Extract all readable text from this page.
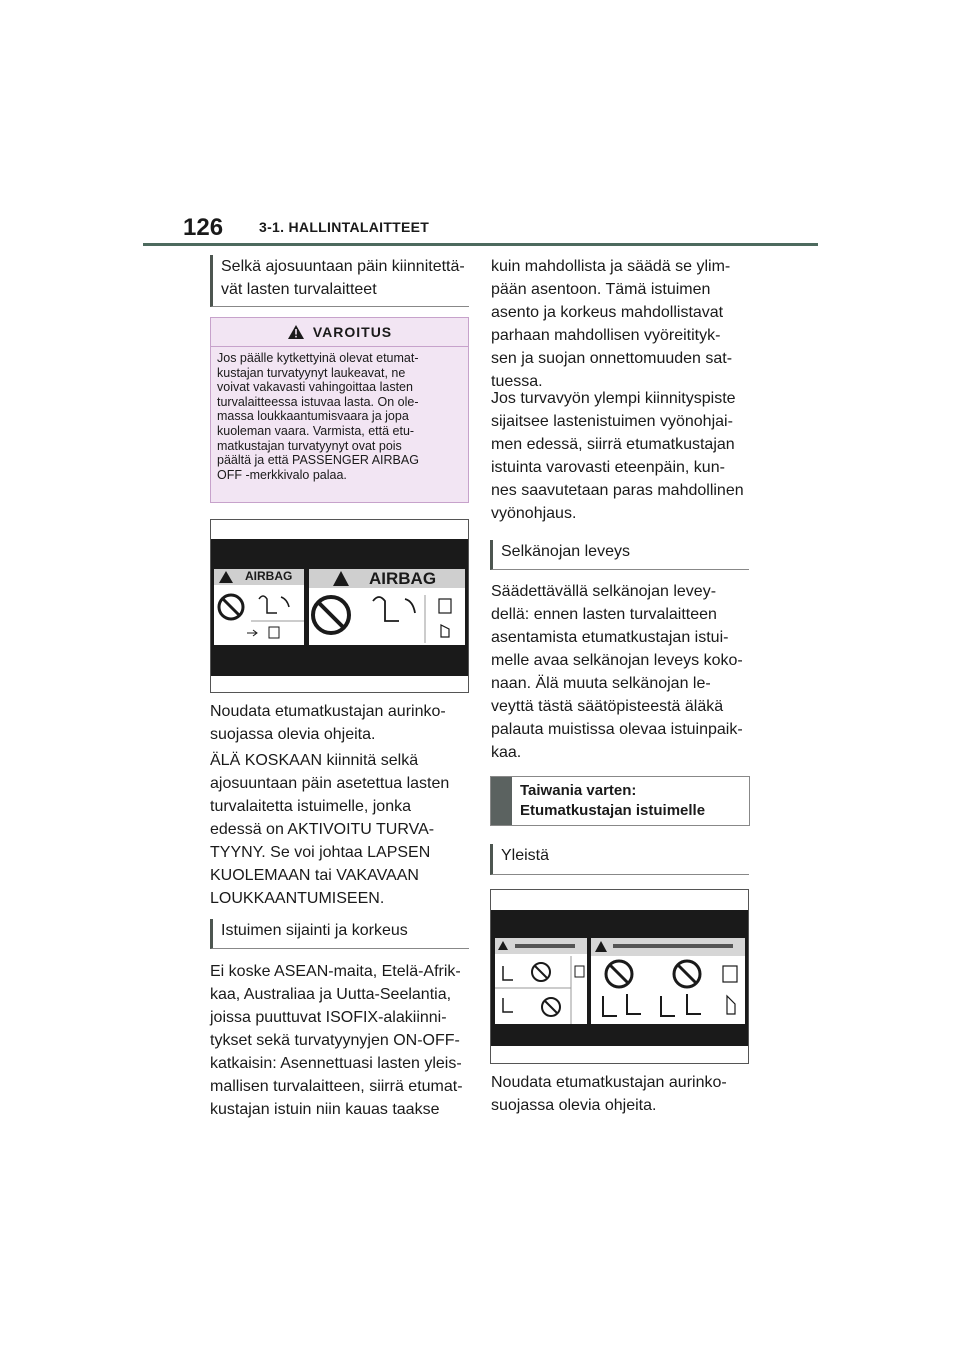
126	3-1. HALLINTALAITTEET
Selkä ajosuuntaan päin kiinnitettä-
vät lasten turvalaitteet
VAROITUS
Jos päälle kytkettyinä olevat etumat-
kustajan turvatyynyt laukeavat, ne
voivat vakavasti vahingoittaa lasten
turvalaitteessa istuvaa lasta. On ole-
massa loukkaantumisvaara ja jopa
kuoleman vaara. Varmista, että etu-
matkustajan turvatyynyt ovat pois
päältä ja että PASSENGER AIRBAG
OFF -merkkivalo palaa.
AIRBAG	AIRBAG

Noudata etumatkustajan aurinko-
suojassa olevia ohjeita.

ÄLÄ KOSKAAN kiinnitä selkä
ajosuuntaan päin asetettua lasten
turvalaitetta istuimelle, jonka
edessä on AKTIVOITU TURVA-
TYYNY. Se voi johtaa LAPSEN
KUOLEMAAN tai VAKAVAAN
LOUKKAANTUMISEEN.

Istuimen sijainti ja korkeus

Ei koske ASEAN-maita, Etelä-Afrik-
kaa, Australiaa ja Uutta-Seelantia,
joissa puuttuvat ISOFIX-alakiinni-
tykset sekä turvatyynyjen ON-OFF-
katkaisin: Asennettuasi lasten yleis-
mallisen turvalaitteen, siirrä etumat-
kustajan istuin niin kauas taakse

kuin mahdollista ja säädä se ylim-
pään asentoon. Tämä istuimen
asento ja korkeus mahdollistavat
parhaan mahdollisen vyöreitityk-
sen ja suojan onnettomuuden sat-
tuessa.

Jos turvavyön ylempi kiinnityspiste
sijaitsee lastenistuimen vyönohjai-
men edessä, siirrä etumatkustajan
istuinta varovasti eteenpäin, kun-
nes saavutetaan paras mahdollinen
vyönohjaus.

Selkänojan leveys

Säädettävällä selkänojan levey-
dellä: ennen lasten turvalaitteen
asentamista etumatkustajan istui-
melle avaa selkänojan leveys koko-
naan. Älä muuta selkänojan le-
veyttä tästä säätöpisteestä äläkä
palauta muistissa olevaa istuinpaik-
kaa.

Taiwania varten:
Etumatkustajan istuimelle
Yleistä

Noudata etumatkustajan aurinko-
suojassa olevia ohjeita.
